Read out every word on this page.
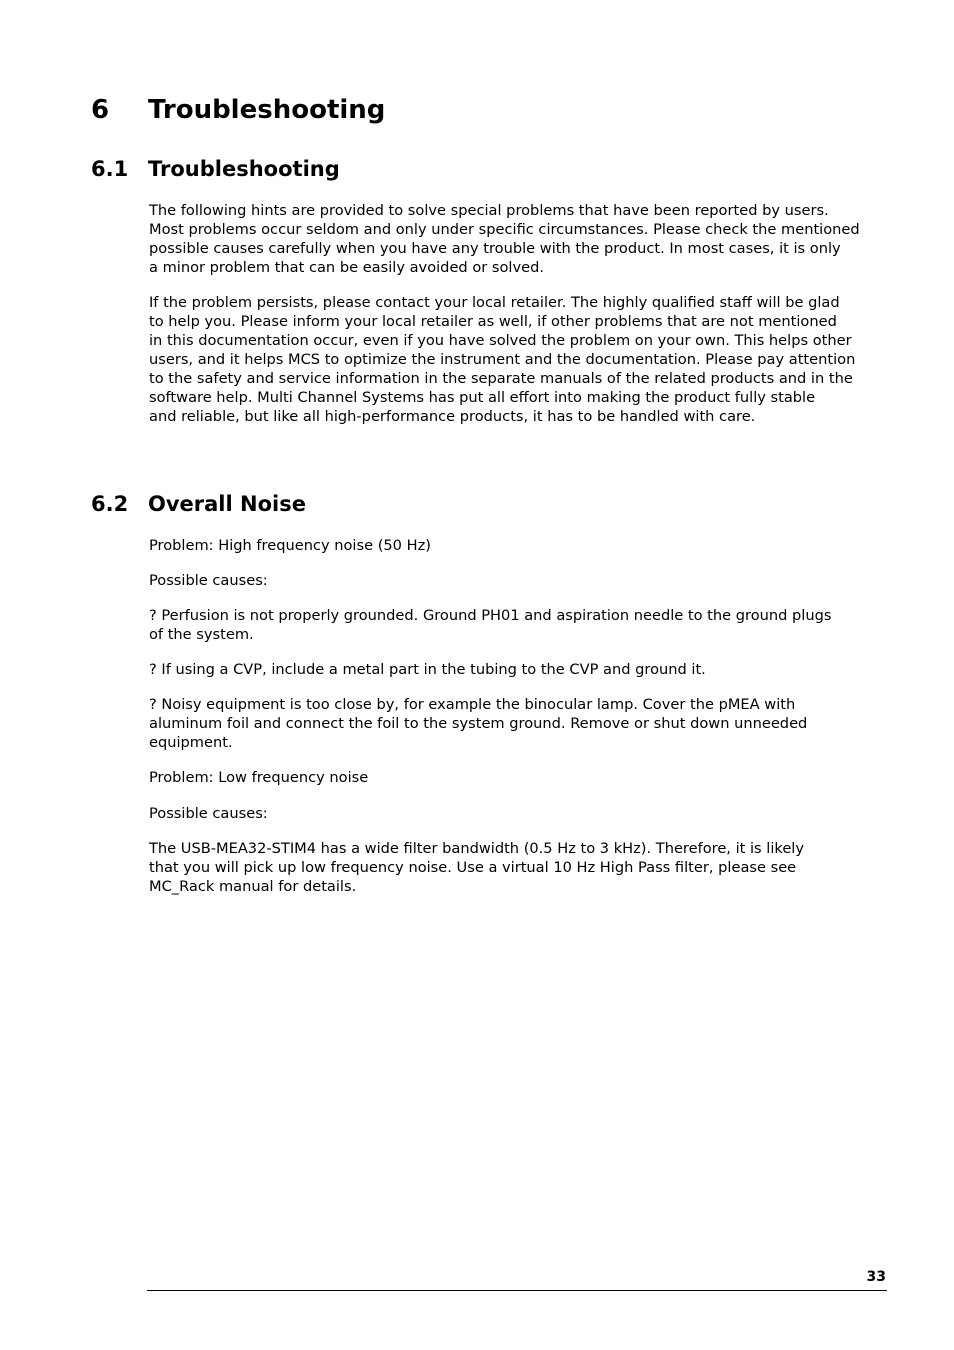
6 Troubleshooting
6.1 Troubleshooting

The following hints are provided to solve special problems that have been reported by users.
Most problems occur seldom and only under specific circumstances. Please check the mentioned
possible causes carefully when you have any trouble with the product. In most cases, it is only
a minor problem that can be easily avoided or solved.

If the problem persists, please contact your local retailer. The highly qualified staff will be glad
to help you. Please inform your local retailer as well, if other problems that are not mentioned
in this documentation occur, even if you have solved the problem on your own. This helps other
users, and it helps MCS to optimize the instrument and the documentation. Please pay attention
to the safety and service information in the separate manuals of the related products and in the
software help. Multi Channel Systems has put all effort into making the product fully stable
and reliable, but like all high-performance products, it has to be handled with care.

6.2 Overall Noise

Problem: High frequency noise (50 Hz)

Possible causes:

? Perfusion is not properly grounded. Ground PH01 and aspiration needle to the ground plugs
of the system.

? If using a CVP, include a metal part in the tubing to the CVP and ground it.

? Noisy equipment is too close by, for example the binocular lamp. Cover the pMEA with
aluminum foil and connect the foil to the system ground. Remove or shut down unneeded
equipment.

Problem: Low frequency noise

Possible causes:

The USB-MEA32-STIM4 has a wide filter bandwidth (0.5 Hz to 3 kHz). Therefore, it is likely
that you will pick up low frequency noise. Use a virtual 10 Hz High Pass filter, please see
MC_Rack manual for details.

33
